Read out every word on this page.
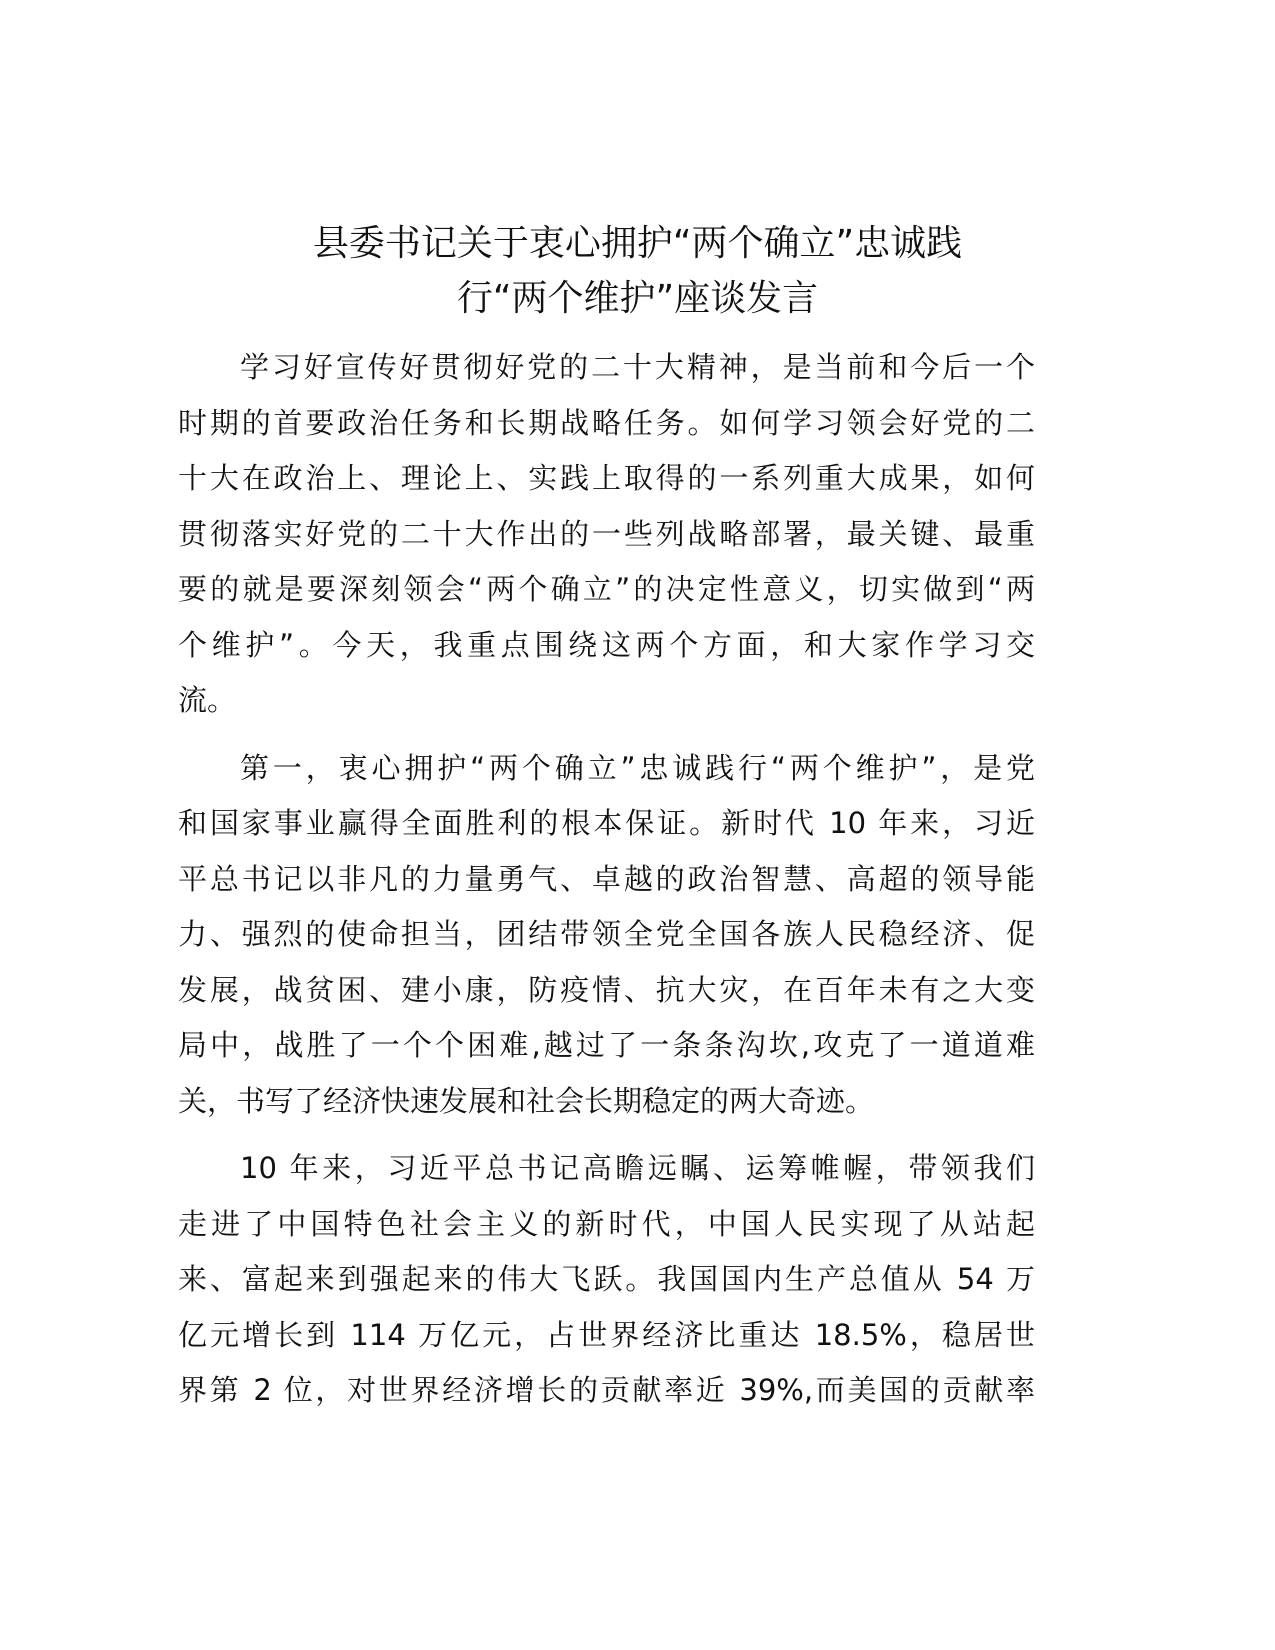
县委书记关于衷心拥护“两个确立”忠诚践
行“两个维护”座谈发言
学习好宣传好贯彻好党的二十大精神，是当前和今后一个
时期的首要政治任务和长期战略任务。如何学习领会好党的二
十大在政治上、理论上、实践上取得的一系列重大成果，如何
贯彻落实好党的二十大作出的一些列战略部署，最关键、最重
要的就是要深刻领会“两个确立”的决定性意义，切实做到“两
个维护”。今天，我重点围绕这两个方面，和大家作学习交
流。
第一，衷心拥护“两个确立”忠诚践行“两个维护”，是党
和国家事业赢得全面胜利的根本保证。新时代 10 年来，习近
平总书记以非凡的力量勇气、卓越的政治智慧、高超的领导能
力、强烈的使命担当，团结带领全党全国各族人民稳经济、促
发展，战贫困、建小康，防疫情、抗大灾，在百年未有之大变
局中，战胜了一个个困难,越过了一条条沟坎,攻克了一道道难
关，书写了经济快速发展和社会长期稳定的两大奇迹。
10 年来，习近平总书记高瞻远瞩、运筹帷幄，带领我们
走进了中国特色社会主义的新时代，中国人民实现了从站起
来、富起来到强起来的伟大飞跃。我国国内生产总值从 54 万
亿元增长到 114 万亿元，占世界经济比重达 18.5%，稳居世
界第 2 位，对世界经济增长的贡献率近 39%,而美国的贡献率
